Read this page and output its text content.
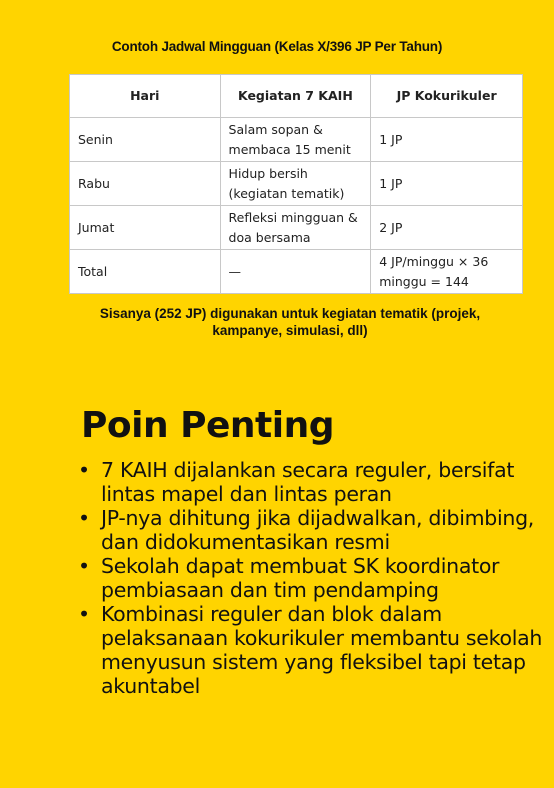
Contoh Jadwal Mingguan (Kelas X/396 JP Per Tahun)
Hari	Kegiatan 7 KAIH	JP Kokurikuler
Senin	Salam sopan & membaca 15 menit	1 JP
Rabu	Hidup bersih (kegiatan tematik)	1 JP
Jumat	Refleksi mingguan & doa bersama	2 JP
Total	—	4 JP/minggu × 36 minggu = 144
Sisanya (252 JP) digunakan untuk kegiatan tematik (projek, kampanye, simulasi, dll)
Poin Penting
• 7 KAIH dijalankan secara reguler, bersifat lintas mapel dan lintas peran
• JP-nya dihitung jika dijadwalkan, dibimbing, dan didokumentasikan resmi
• Sekolah dapat membuat SK koordinator pembiasaan dan tim pendamping
• Kombinasi reguler dan blok dalam pelaksanaan kokurikuler membantu sekolah menyusun sistem yang fleksibel tapi tetap akuntabel
